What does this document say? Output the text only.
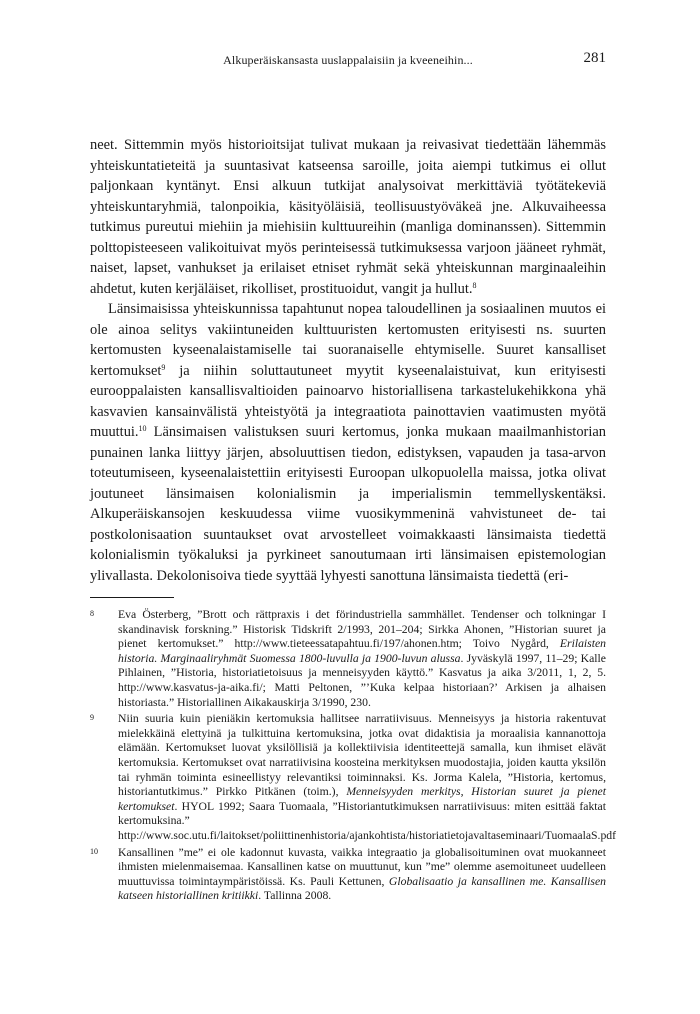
Alkuperäiskansasta uuslappalaisiin ja kveeneihin...	281

neet. Sittemmin myös historioitsijat tulivat mukaan ja reivasivat tiedettään lähemmäs yhteiskuntatieteitä ja suuntasivat katseensa saroille, joita aiempi tutkimus ei ollut paljonkaan kyntänyt. Ensi alkuun tutkijat analysoivat merkittäviä työtätekeviä yhteiskuntaryhmiä, talonpoikia, käsityöläisiä, teollisuustyöväkeä jne. Alkuvaiheessa tutkimus pureutui miehiin ja miehisiin kulttuureihin (manliga dominanssen). Sittemmin polttopisteeseen valikoituivat myös perinteisessä tutkimuksessa varjoon jääneet ryhmät, naiset, lapset, vanhukset ja erilaiset etniset ryhmät sekä yhteiskunnan marginaaleihin ahdetut, kuten kerjäläiset, rikolliset, prostituoidut, vangit ja hullut.$^8$

Länsimaisissa yhteiskunnissa tapahtunut nopea taloudellinen ja sosiaalinen muutos ei ole ainoa selitys vakiintuneiden kulttuuristen kertomusten erityisesti ns. suurten kertomusten kyseenalaistamiselle tai suoranaiselle ehtymiselle. Suuret kansalliset kertomukset$^9$ ja niihin soluttautuneet myytit kyseenalaistuivat, kun erityisesti eurooppalaisten kansallisvaltioiden painoarvo historiallisena tarkastelukehikkona yhä kasvavien kansainvälistä yhteistyötä ja integraatiota painottavien vaatimusten myötä muuttui.$^{10}$ Länsimaisen valistuksen suuri kertomus, jonka mukaan maailmanhistorian punainen lanka liittyy järjen, absoluuttisen tiedon, edistyksen, vapauden ja tasa-arvon toteutumiseen, kyseenalaistettiin erityisesti Euroopan ulkopuolella maissa, jotka olivat joutuneet länsimaisen kolonialismin ja imperialismin temmellyskentäksi. Alkuperäiskansojen keskuudessa viime vuosikymmeninä vahvistuneet de- tai postkolonisaation suuntaukset ovat arvostelleet voimakkaasti länsimaista tiedettä kolonialismin työkaluksi ja pyrkineet sanoutumaan irti länsimaisen epistemologian ylivallasta. Dekolonisoiva tiede syyttää lyhyesti sanottuna länsimaista tiedettä (eri-

8 Eva Österberg, ”Brott och rättpraxis i det förindustriella sammhället. Tendenser och tolkningar I skandinavisk forskning.” Historisk Tidskrift 2/1993, 201–204; Sirkka Ahonen, ”Historian suuret ja pienet kertomukset.” http://www.tieteessatapahtuu.fi/197/ahonen.htm; Toivo Nygård, Erilaisten historia. Marginaaliryhmät Suomessa 1800-luvulla ja 1900-luvun alussa. Jyväskylä 1997, 11–29; Kalle Pihlainen, ”Historia, historiatietoisuus ja menneisyyden käyttö.” Kasvatus ja aika 3/2011, 1, 2, 5. http://www.kasvatus-ja-aika.fi/; Matti Peltonen, ”’Kuka kelpaa historiaan?’ Arkisen ja alhaisen historiasta.” Historiallinen Aikakauskirja 3/1990, 230.
9 Niin suuria kuin pieniäkin kertomuksia hallitsee narratiivisuus. Menneisyys ja historia rakentuvat mielekkäinä elettyinä ja tulkittuina kertomuksina, jotka ovat didaktisia ja moraalisia kannanottoja elämään. Kertomukset luovat yksilöllisiä ja kollektiivisia identiteettejä samalla, kun ihmiset elävät kertomuksia. Kertomukset ovat narratiivisina koosteina merkityksen muodostajia, joiden kautta yksilön tai ryhmän toiminta esineellistyy relevantiksi toiminnaksi. Ks. Jorma Kalela, ”Historia, kertomus, historiantutkimus.” Pirkko Pitkänen (toim.), Menneisyyden merkitys, Historian suuret ja pienet kertomukset. HYOL 1992; Saara Tuomaala, ”Historiantutkimuksen narratiivisuus: miten esittää faktat kertomuksina.” http://www.soc.utu.fi/laitokset/poliittinenhistoria/ajankohtista/historiatietojavaltaseminaari/TuomaalaS.pdf
10 Kansallinen ”me” ei ole kadonnut kuvasta, vaikka integraatio ja globalisoituminen ovat muokanneet ihmisten mielenmaisemaa. Kansallinen katse on muuttunut, kun ”me” olemme asemoituneet uudelleen muuttuvissa toimintaympäristöissä. Ks. Pauli Kettunen, Globalisaatio ja kansallinen me. Kansallisen katseen historiallinen kritiikki. Tallinna 2008.
